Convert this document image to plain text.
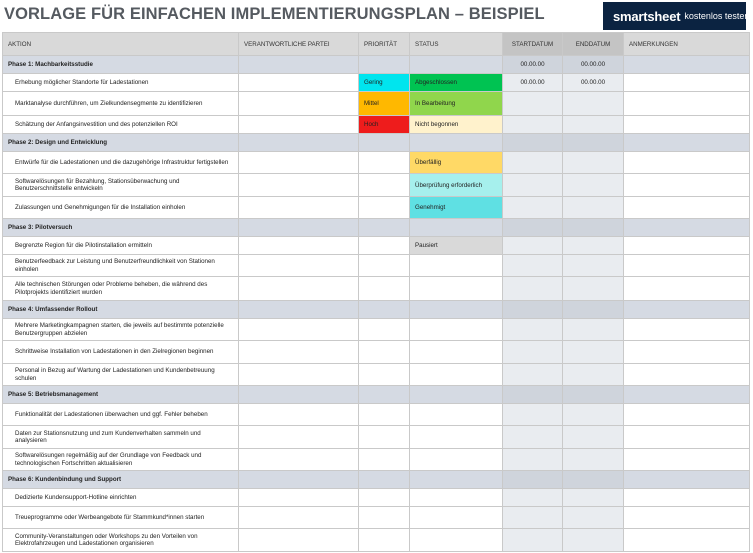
VORLAGE FÜR EINFACHEN IMPLEMENTIERUNGSPLAN – BEISPIEL	smartsheet kostenlos testen
AKTION	VERANTWORTLICHE PARTEI	PRIORITÄT	STATUS	STARTDATUM	ENDDATUM	ANMERKUNGEN
Phase 1: Machbarkeitsstudie				00.00.00	00.00.00	
Erhebung möglicher Standorte für Ladestationen		Gering	Abgeschlossen	00.00.00	00.00.00	
Marktanalyse durchführen, um Zielkundensegmente zu identifizieren		Mittel	In Bearbeitung			
Schätzung der Anfangsinvestition und des potenziellen ROI		Hoch	Nicht begonnen			
Phase 2: Design und Entwicklung						
Entwürfe für die Ladestationen und die dazugehörige Infrastruktur fertigstellen			Überfällig			
Softwarelösungen für Bezahlung, Stationsüberwachung und Benutzerschnittstelle entwickeln			Überprüfung erforderlich			
Zulassungen und Genehmigungen für die Installation einholen			Genehmigt			
Phase 3: Pilotversuch						
Begrenzte Region für die Pilotinstallation ermitteln			Pausiert			
Benutzerfeedback zur Leistung und Benutzerfreundlichkeit von Stationen einholen						
Alle technischen Störungen oder Probleme beheben, die während des Pilotprojekts identifiziert wurden						
Phase 4: Umfassender Rollout						
Mehrere Marketingkampagnen starten, die jeweils auf bestimmte potenzielle Benutzergruppen abzielen						
Schrittweise Installation von Ladestationen in den Zielregionen beginnen						
Personal in Bezug auf Wartung der Ladestationen und Kundenbetreuung schulen						
Phase 5: Betriebsmanagement						
Funktionalität der Ladestationen überwachen und ggf. Fehler beheben						
Daten zur Stationsnutzung und zum Kundenverhalten sammeln und analysieren						
Softwarelösungen regelmäßig auf der Grundlage von Feedback und technologischen Fortschritten aktualisieren						
Phase 6: Kundenbindung und Support						
Dedizierte Kundensupport-Hotline einrichten						
Treueprogramme oder Werbeangebote für Stammkund*innen starten						
Community-Veranstaltungen oder Workshops zu den Vorteilen von Elektrofahrzeugen und Ladestationen organisieren						
